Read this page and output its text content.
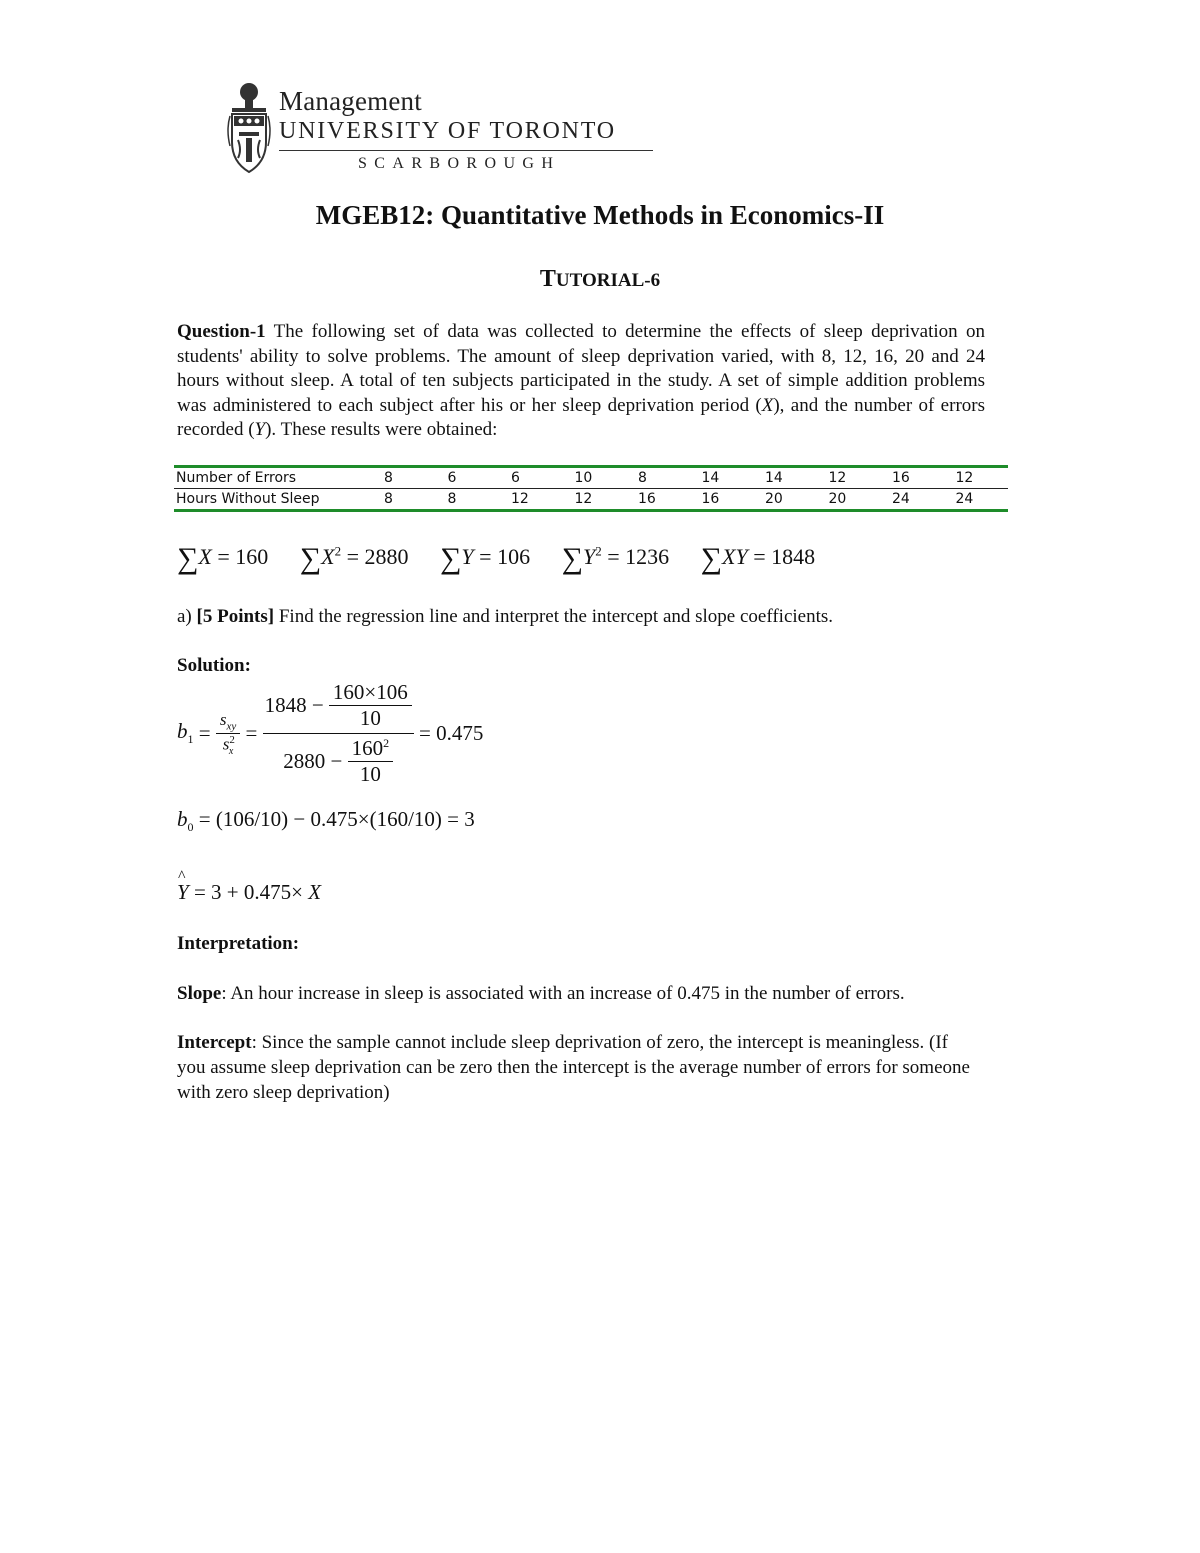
Management
UNIVERSITY OF TORONTO
SCARBOROUGH
MGEB12: Quantitative Methods in Economics-II
TUTORIAL-6
Question-1 The following set of data was collected to determine the effects of sleep deprivation on students' ability to solve problems. The amount of sleep deprivation varied, with 8, 12, 16, 20 and 24 hours without sleep. A total of ten subjects participated in the study. A set of simple addition problems was administered to each subject after his or her sleep deprivation period (X), and the number of errors recorded (Y). These results were obtained:
Number of Errors	8	6	6	10	8	14	14	12	16	12
Hours Without Sleep	8	8	12	12	16	16	20	20	24	24
∑X = 160 $\sum X^2 = 2880$ ∑Y = 106 $\sum Y^2 = 1236$ ∑XY = 1848
a) [5 Points] Find the regression line and interpret the intercept and slope coefficients.
Solution:
$b_1 = \frac{s_{xy}}{s^2_x} = \frac{1848 - \frac{160\times 106}{10}}{2880 - \frac{160^2}{10}} = 0.475$
$b_0 = (106/10) - 0.475\times(160/10) = 3$
^ Y = 3 + 0.475× X
Interpretation:
Slope: An hour increase in sleep is associated with an increase of 0.475 in the number of errors.
Intercept: Since the sample cannot include sleep deprivation of zero, the intercept is meaningless. (If you assume sleep deprivation can be zero then the intercept is the average number of errors for someone with zero sleep deprivation)
